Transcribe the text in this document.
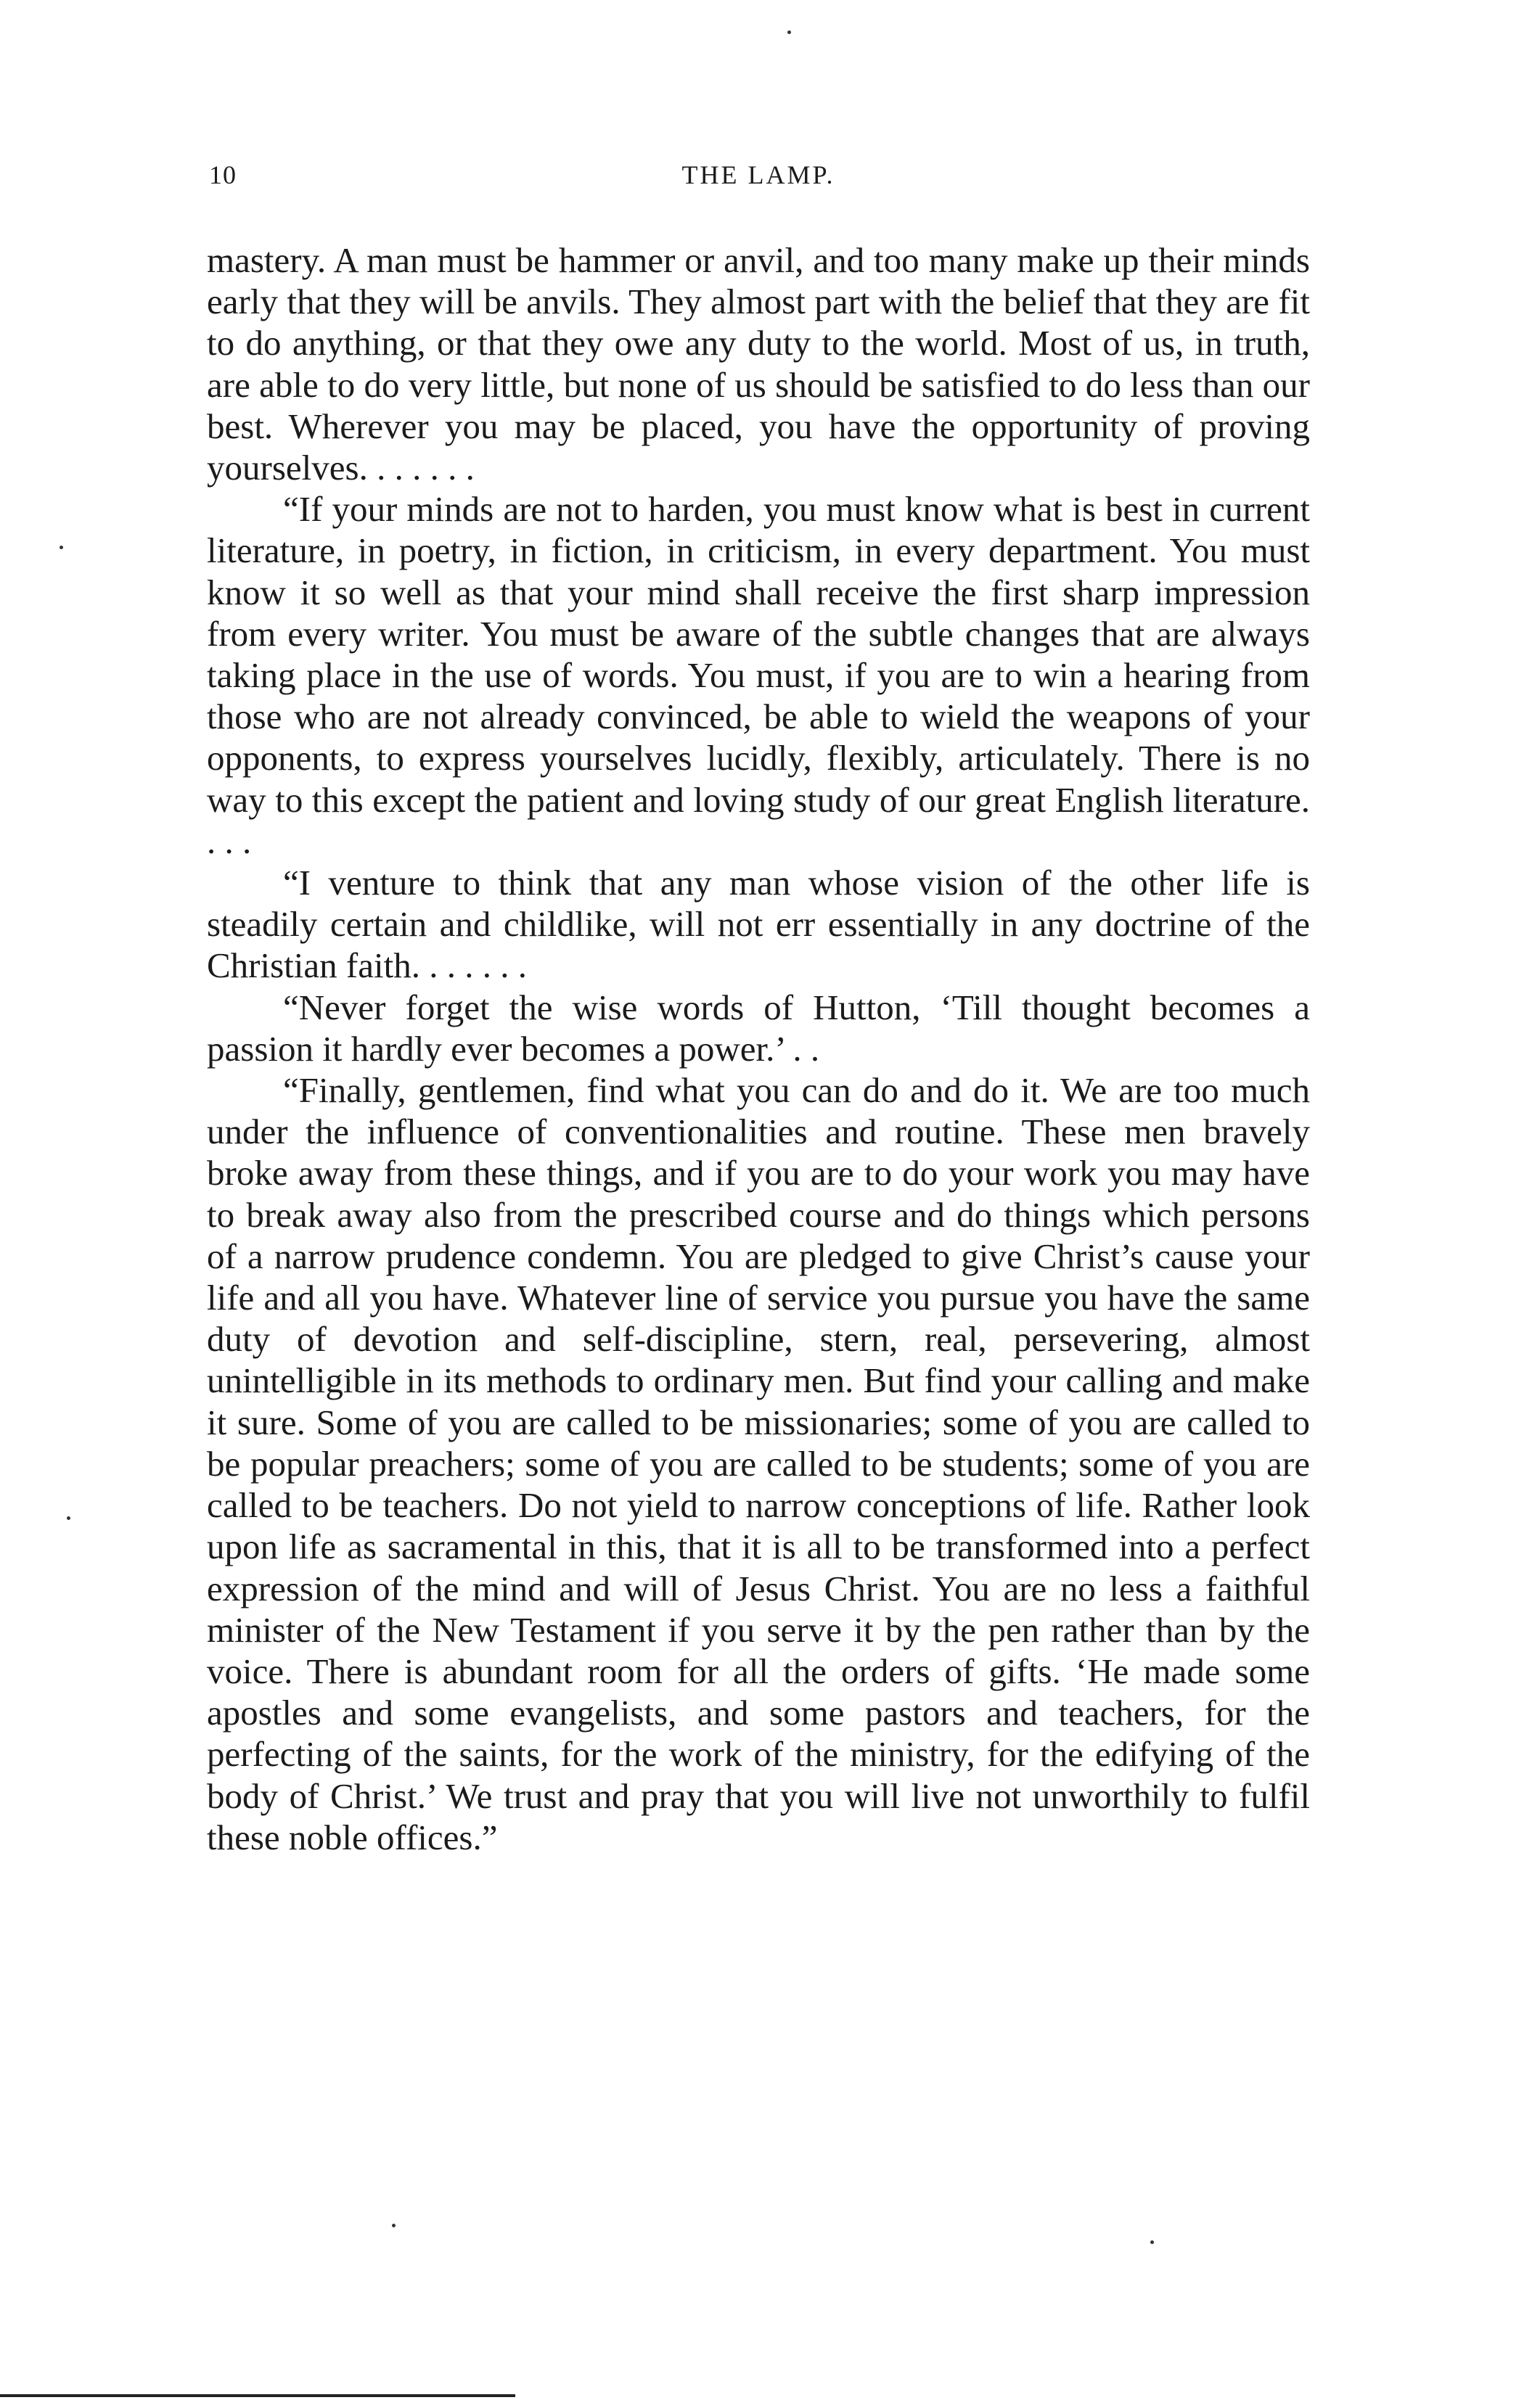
10	THE LAMP.

mastery. A man must be hammer or anvil, and too many make up their minds early that they will be anvils. They almost part with the belief that they are fit to do anything, or that they owe any duty to the world. Most of us, in truth, are able to do very little, but none of us should be satisfied to do less than our best. Wherever you may be placed, you have the opportunity of proving yourselves. . . . . . .

“If your minds are not to harden, you must know what is best in current literature, in poetry, in fiction, in criticism, in every department. You must know it so well as that your mind shall receive the first sharp impression from every writer. You must be aware of the subtle changes that are always taking place in the use of words. You must, if you are to win a hearing from those who are not already convinced, be able to wield the weapons of your opponents, to express yourselves lucidly, flexibly, articulately. There is no way to this except the patient and loving study of our great English literature. . . .

“I venture to think that any man whose vision of the other life is steadily certain and childlike, will not err essentially in any doctrine of the Christian faith. . . . . . .

“Never forget the wise words of Hutton, ‘Till thought becomes a passion it hardly ever becomes a power.’ . .

“Finally, gentlemen, find what you can do and do it. We are too much under the influence of conventionalities and routine. These men bravely broke away from these things, and if you are to do your work you may have to break away also from the prescribed course and do things which persons of a narrow prudence condemn. You are pledged to give Christ’s cause your life and all you have. Whatever line of service you pursue you have the same duty of devotion and self-discipline, stern, real, persevering, almost unintelligible in its methods to ordinary men. But find your calling and make it sure. Some of you are called to be missionaries; some of you are called to be popular preachers; some of you are called to be students; some of you are called to be teachers. Do not yield to narrow conceptions of life. Rather look upon life as sacramental in this, that it is all to be transformed into a perfect expression of the mind and will of Jesus Christ. You are no less a faithful minister of the New Testament if you serve it by the pen rather than by the voice. There is abundant room for all the orders of gifts. ‘He made some apostles and some evangelists, and some pastors and teachers, for the perfecting of the saints, for the work of the ministry, for the edifying of the body of Christ.’ We trust and pray that you will live not unworthily to fulfil these noble offices.”
